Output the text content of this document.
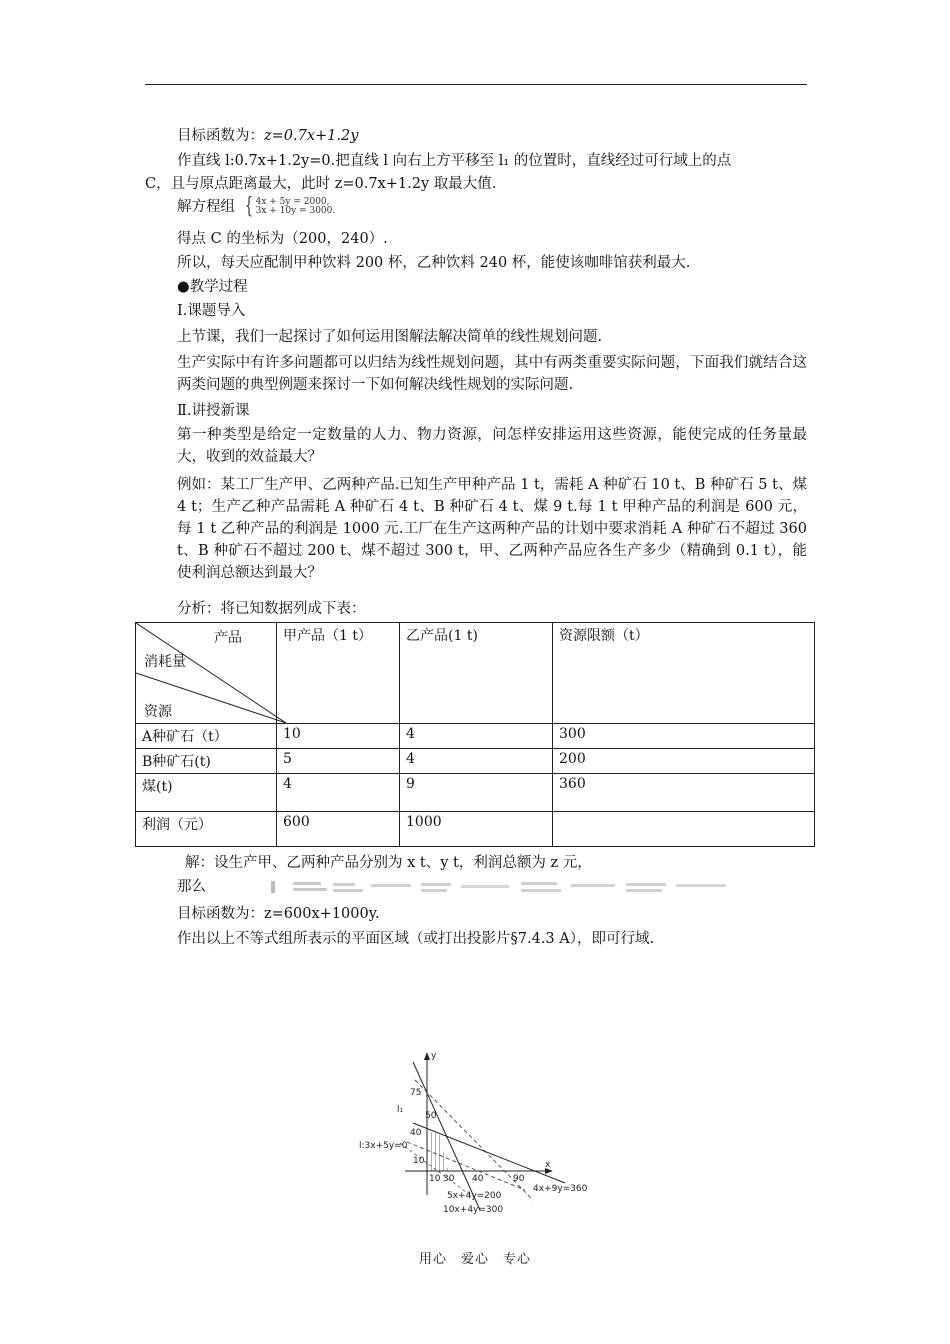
目标函数为：z=0.7x+1.2y
作直线 l:0.7x+1.2y=0.把直线 l 向右上方平移至 l₁ 的位置时，直线经过可行域上的点
C，且与原点距离最大，此时 z=0.7x+1.2y 取最大值.
解方程组 { 4x + 5y = 2000,
3x + 10y = 3000.
得点 C 的坐标为（200，240）.
所以，每天应配制甲种饮料 200 杯，乙种饮料 240 杯，能使该咖啡馆获利最大.
●教学过程
Ⅰ.课题导入
上节课，我们一起探讨了如何运用图解法解决简单的线性规划问题.
生产实际中有许多问题都可以归结为线性规划问题，其中有两类重要实际问题，下面我们就结合这两类问题的典型例题来探讨一下如何解决线性规划的实际问题.
Ⅱ.讲授新课
第一种类型是给定一定数量的人力、物力资源，问怎样安排运用这些资源，能使完成的任务量最大，收到的效益最大？
例如：某工厂生产甲、乙两种产品.已知生产甲种产品 1 t，需耗 A 种矿石 10 t、B 种矿石 5 t、煤 4 t；生产乙种产品需耗 A 种矿石 4 t、B 种矿石 4 t、煤 9 t.每 1 t 甲种产品的利润是 600 元，每 1 t 乙种产品的利润是 1000 元.工厂在生产这两种产品的计划中要求消耗 A 种矿石不超过 360 t、B 种矿石不超过 200 t、煤不超过 300 t，甲、乙两种产品应各生产多少（精确到 0.1 t），能使利润总额达到最大？
分析：将已知数据列成下表：
产品
消耗量
资源	甲产品（1 t）	乙产品(1 t)	资源限额（t）
A种矿石（t）	10	4	300
B种矿石(t)	5	4	200
煤(t)	4	9	360
利润（元）	600	1000	
解：设生产甲、乙两种产品分别为 x t、y t，利润总额为 z 元，
那么
目标函数为：z=600x+1000y.
作出以上不等式组所表示的平面区域（或打出投影片§7.4.3 A），即可行域.
y
x
75
50
40
10
10 30 40	90
l₁
l:3x+5y=0
5x+4y=200
4x+9y=360
10x+4y=300
用心　爱心　专心
